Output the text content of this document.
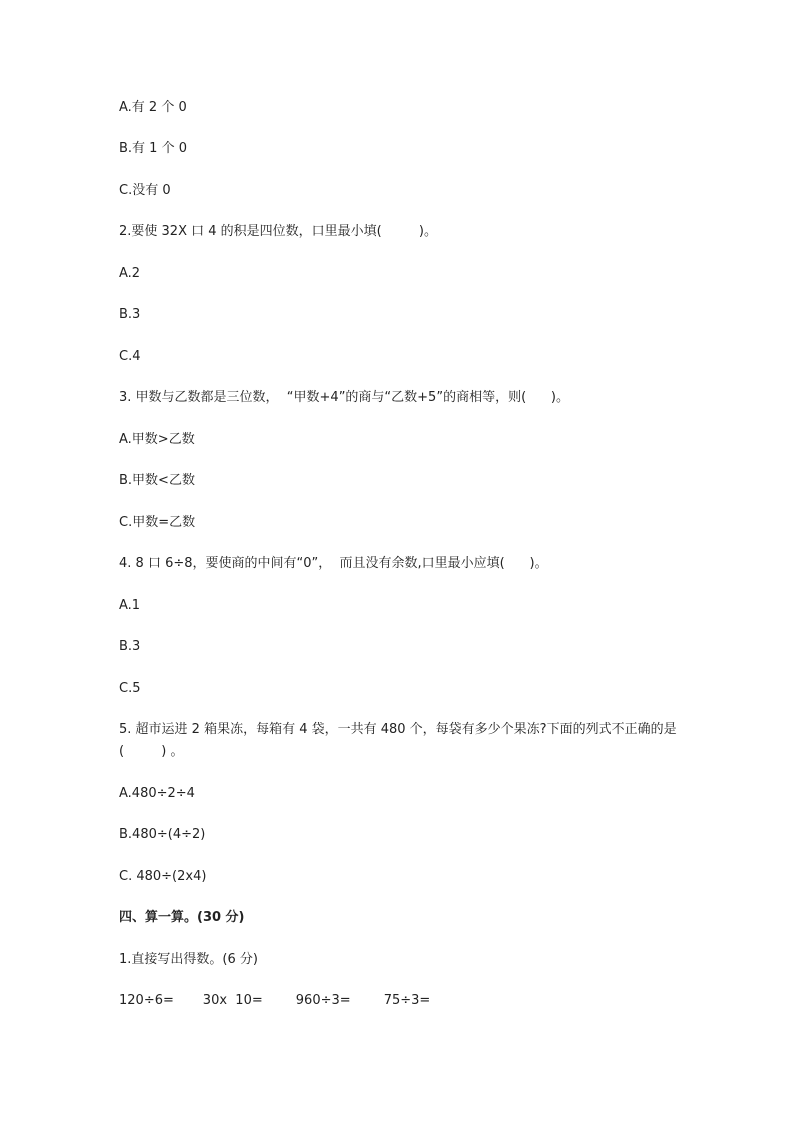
A.有 2 个 0
B.有 1 个 0
C.没有 0
2.要使 32X 口 4 的积是四位数，口里最小填(         )。
A.2
B.3
C.4
3. 甲数与乙数都是三位数，  “甲数+4”的商与“乙数+5”的商相等，则(      )。
A.甲数>乙数
B.甲数<乙数
C.甲数=乙数
4. 8 口 6÷8，要使商的中间有“0”，  而且没有余数,口里最小应填(      )。
A.1
B.3
C.5
5. 超市运进 2 箱果冻，每箱有 4 袋，一共有 480 个，每袋有多少个果冻?下面的列式不正确的是(         ) 。
A.480÷2÷4
B.480÷(4÷2)
C. 480÷(2x4)
四、算一算。(30 分)
1.直接写出得数。(6 分)
120÷6=       30x  10=        960÷3=        75÷3=
